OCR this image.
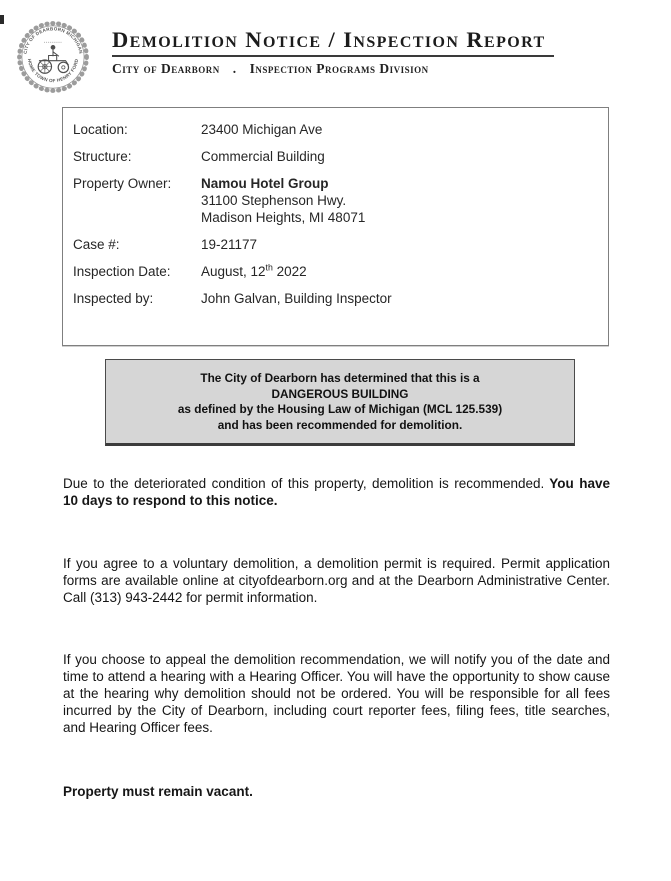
CITY OF DEARBORN MICHIGAN
HOME TOWN OF HENRY FORD
Demolition Notice / Inspection Report
City of Dearborn . Inspection Programs Division
Location:	23400 Michigan Ave
Structure:	Commercial Building
Property Owner:	Namou Hotel Group
31100 Stephenson Hwy.
Madison Heights, MI 48071
Case #:	19-21177
Inspection Date:	August, 12th 2022
Inspected by:	John Galvan, Building Inspector
The City of Dearborn has determined that this is a
DANGEROUS BUILDING
as defined by the Housing Law of Michigan (MCL 125.539)
and has been recommended for demolition.

Due to the deteriorated condition of this property, demolition is recommended. You have 10 days to respond to this notice.

If you agree to a voluntary demolition, a demolition permit is required. Permit application forms are available online at cityofdearborn.org and at the Dearborn Administrative Center. Call (313) 943-2442 for permit information.

If you choose to appeal the demolition recommendation, we will notify you of the date and time to attend a hearing with a Hearing Officer. You will have the opportunity to show cause at the hearing why demolition should not be ordered. You will be responsible for all fees incurred by the City of Dearborn, including court reporter fees, filing fees, title searches, and Hearing Officer fees.

Property must remain vacant.
